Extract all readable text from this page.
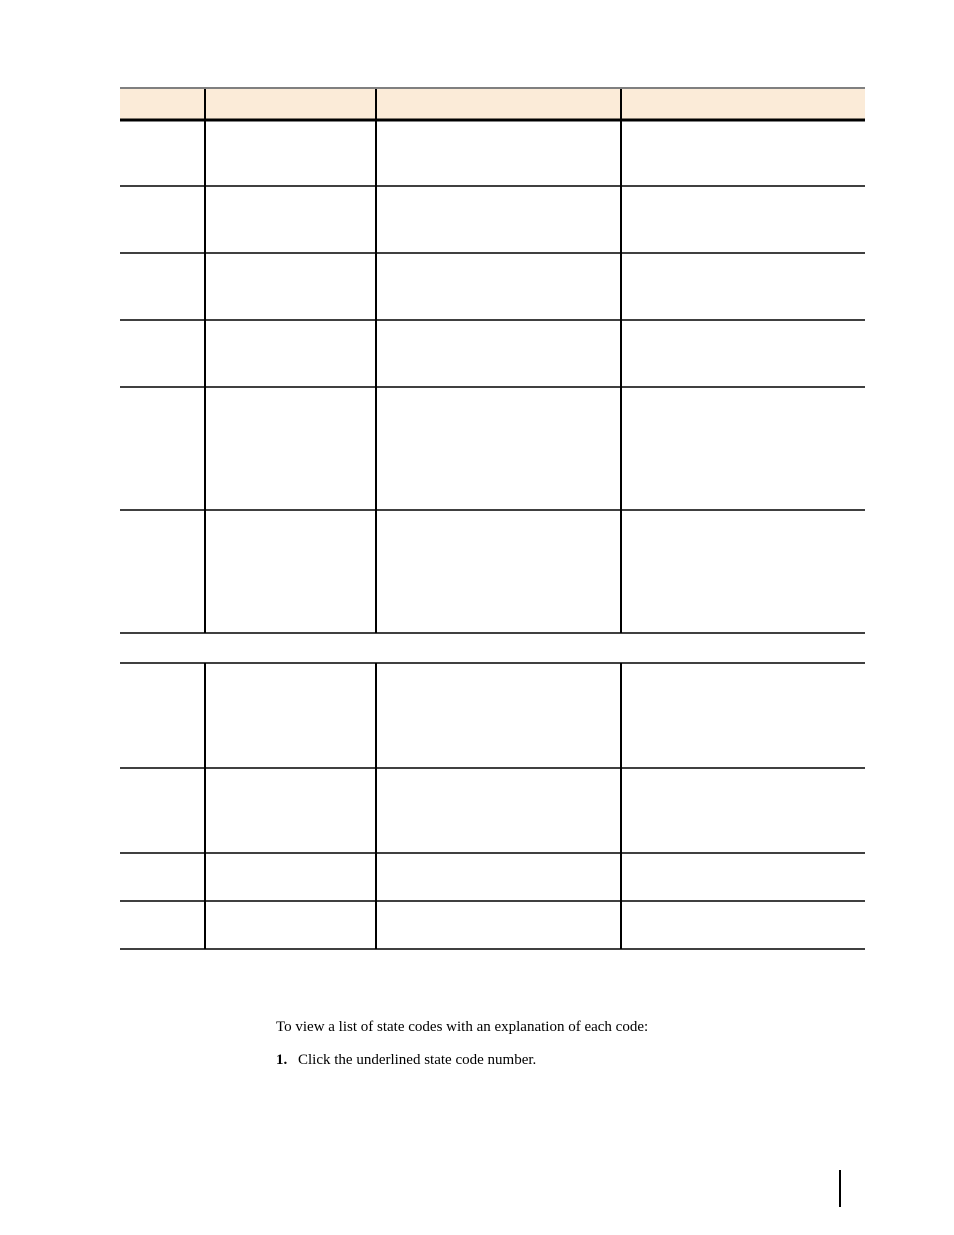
To view a list of state codes with an explanation of each code:
1. Click the underlined state code number.
